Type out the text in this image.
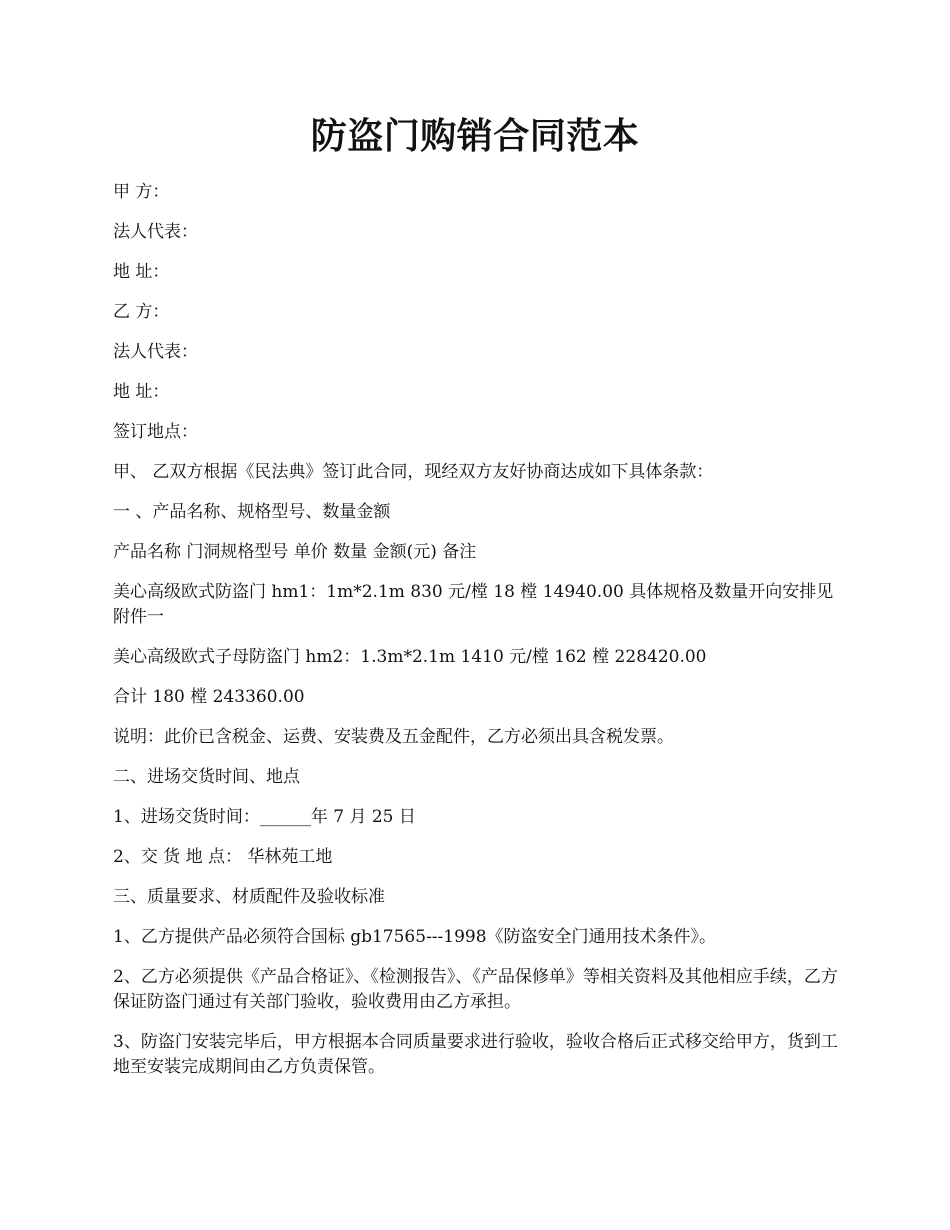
防盗门购销合同范本

甲 方：

法人代表：

地 址：

乙 方：

法人代表：

地 址：

签订地点：

甲、 乙双方根据《民法典》签订此合同，现经双方友好协商达成如下具体条款：

一 、产品名称、规格型号、数量金额

产品名称 门洞规格型号 单价 数量 金额(元) 备注

美心高级欧式防盗门 hm1：1m*2.1m 830 元/樘 18 樘 14940.00 具体规格及数量开向安排见附件一

美心高级欧式子母防盗门 hm2：1.3m*2.1m 1410 元/樘 162 樘 228420.00

合计 180 樘 243360.00

说明：此价已含税金、运费、安装费及五金配件，乙方必须出具含税发票。

二、进场交货时间、地点

1、进场交货时间：______年 7 月 25 日

2、交 货 地 点： 华林苑工地

三、质量要求、材质配件及验收标准

1、乙方提供产品必须符合国标 gb17565---1998《防盗安全门通用技术条件》。

2、乙方必须提供《产品合格证》、《检测报告》、《产品保修单》等相关资料及其他相应手续，乙方保证防盗门通过有关部门验收，验收费用由乙方承担。

3、防盗门安装完毕后，甲方根据本合同质量要求进行验收，验收合格后正式移交给甲方，货到工地至安装完成期间由乙方负责保管。
